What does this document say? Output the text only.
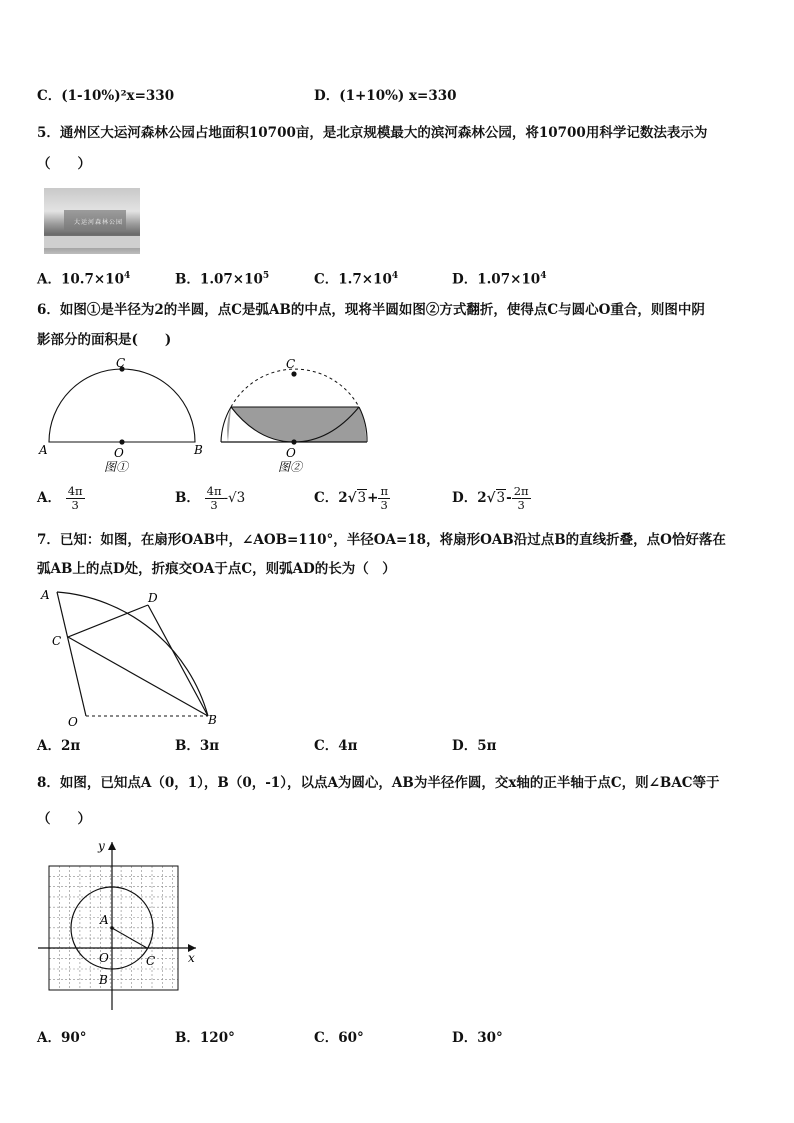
C．(1-10%)²x=330	D．(1+10%) x=330
5．通州区大运河森林公园占地面积10700亩，是北京规模最大的滨河森林公园，将10700用科学记数法表示为
（　　）
大运河森林公园
A．$10.7\times 10^4$	B．$1.07\times 10^5$	C．$1.7\times 10^4$	D．$1.07\times 10^4$
6．如图①是半径为2的半圆，点C是弧AB的中点，现将半圆如图②方式翻折，使得点C与圆心O重合，则图中阴
影部分的面积是(　　)
C
A	B
O
图①
C
O
图②
A． $\frac{4\pi}{3}$	B． $\frac{4\pi}{3} -√3$	C．$2√3+ \frac{\pi}{3}$	D．$2√3- \frac{2\pi}{3}$
7．已知：如图，在扇形OAB中，∠AOB=110°，半径OA=18，将扇形OAB沿过点B的直线折叠，点O恰好落在
弧AB上的点D处，折痕交OA于点C，则弧AD的长为（　）
A	D
C
O	B
A．2π	B．3π	C．4π	D．5π
8．如图，已知点A（0，1），B（0，-1），以点A为圆心，AB为半径作圆，交x轴的正半轴于点C，则∠BAC等于
（　　）
y
x
A
O
B
C
A．90°	B．120°	C．60°	D．30°
